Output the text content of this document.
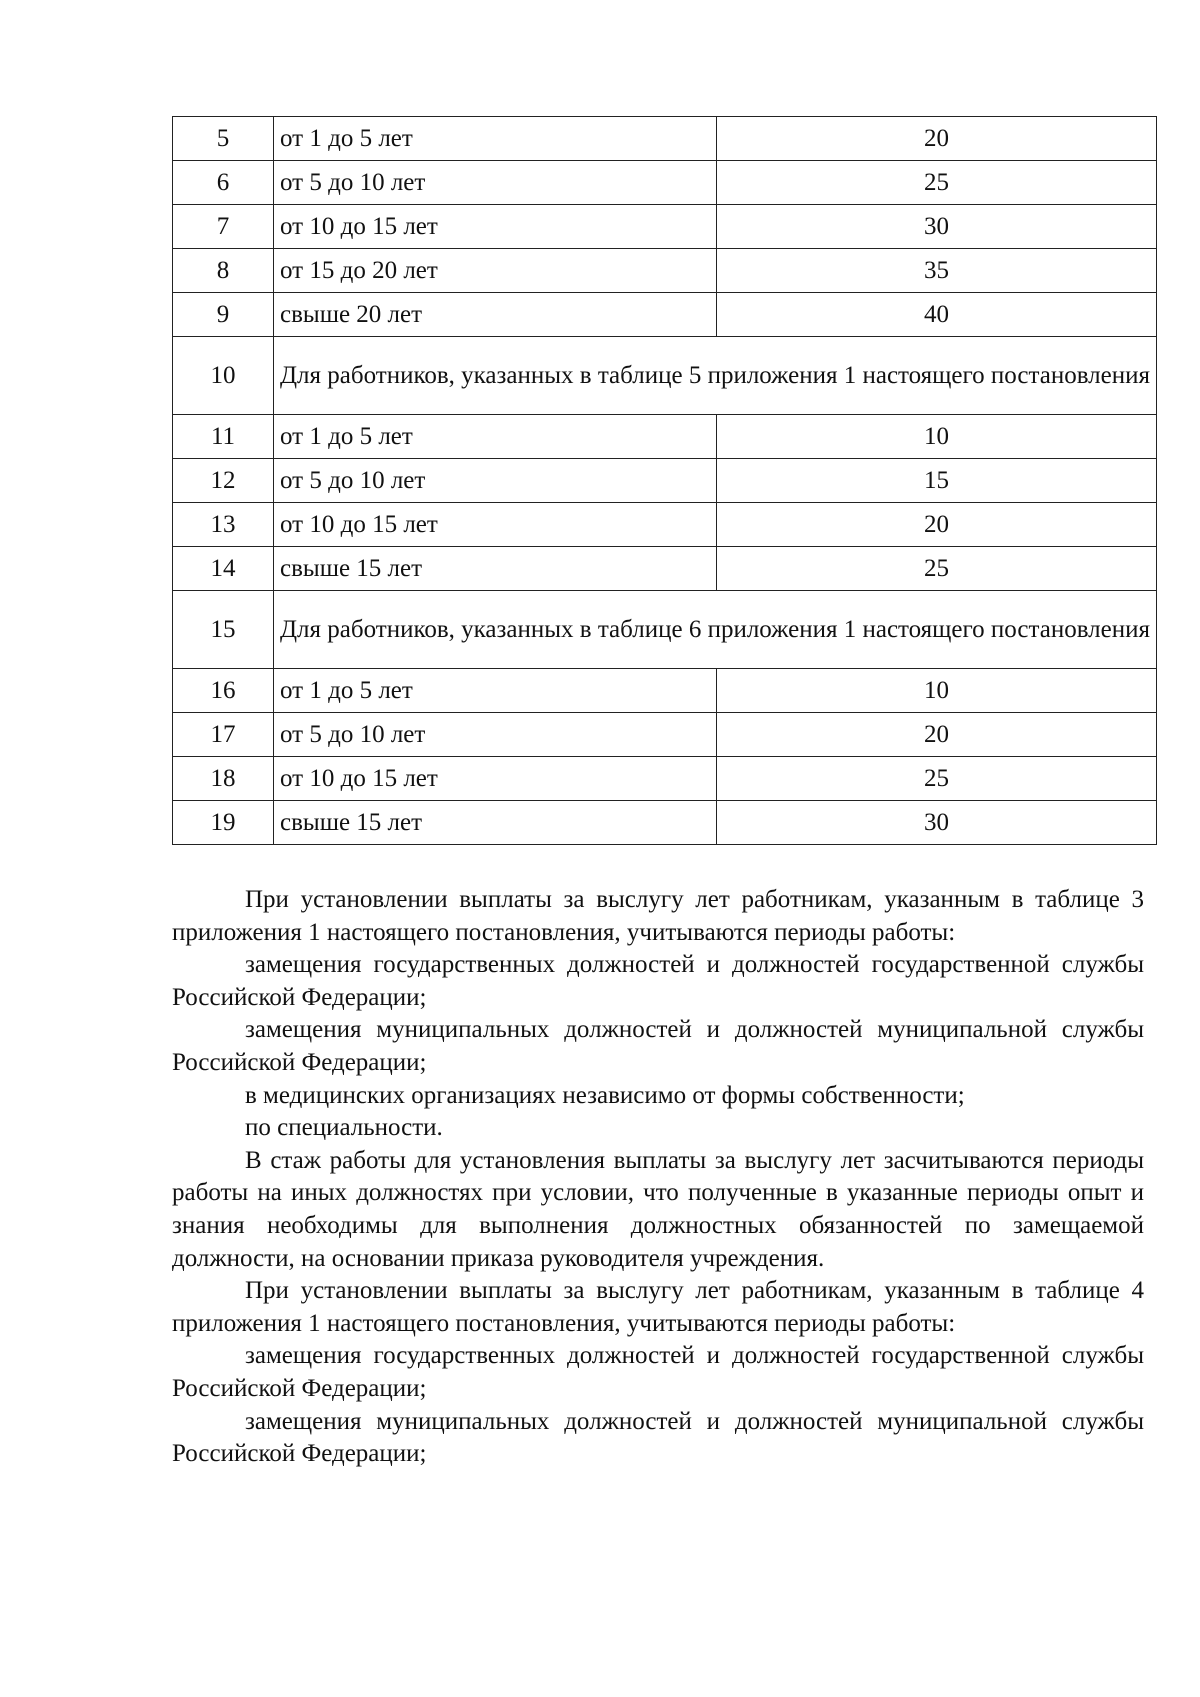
5	от 1 до 5 лет	20
6	от 5 до 10 лет	25
7	от 10 до 15 лет	30
8	от 15 до 20 лет	35
9	свыше 20 лет	40
10	Для работников, указанных в таблице 5 приложения 1 настоящего постановления	
11	от 1 до 5 лет	10
12	от 5 до 10 лет	15
13	от 10 до 15 лет	20
14	свыше 15 лет	25
15	Для работников, указанных в таблице 6 приложения 1 настоящего постановления	
16	от 1 до 5 лет	10
17	от 5 до 10 лет	20
18	от 10 до 15 лет	25
19	свыше 15 лет	30

При установлении выплаты за выслугу лет работникам, указанным в таблице 3 приложения 1 настоящего постановления, учитываются периоды работы:

замещения государственных должностей и должностей государственной службы Российской Федерации;

замещения муниципальных должностей и должностей муниципальной службы Российской Федерации;

в медицинских организациях независимо от формы собственности;

по специальности.

В стаж работы для установления выплаты за выслугу лет засчитываются периоды работы на иных должностях при условии, что полученные в указанные периоды опыт и знания необходимы для выполнения должностных обязанностей по замещаемой должности, на основании приказа руководителя учреждения.

При установлении выплаты за выслугу лет работникам, указанным в таблице 4 приложения 1 настоящего постановления, учитываются периоды работы:

замещения государственных должностей и должностей государственной службы Российской Федерации;

замещения муниципальных должностей и должностей муниципальной службы Российской Федерации;
